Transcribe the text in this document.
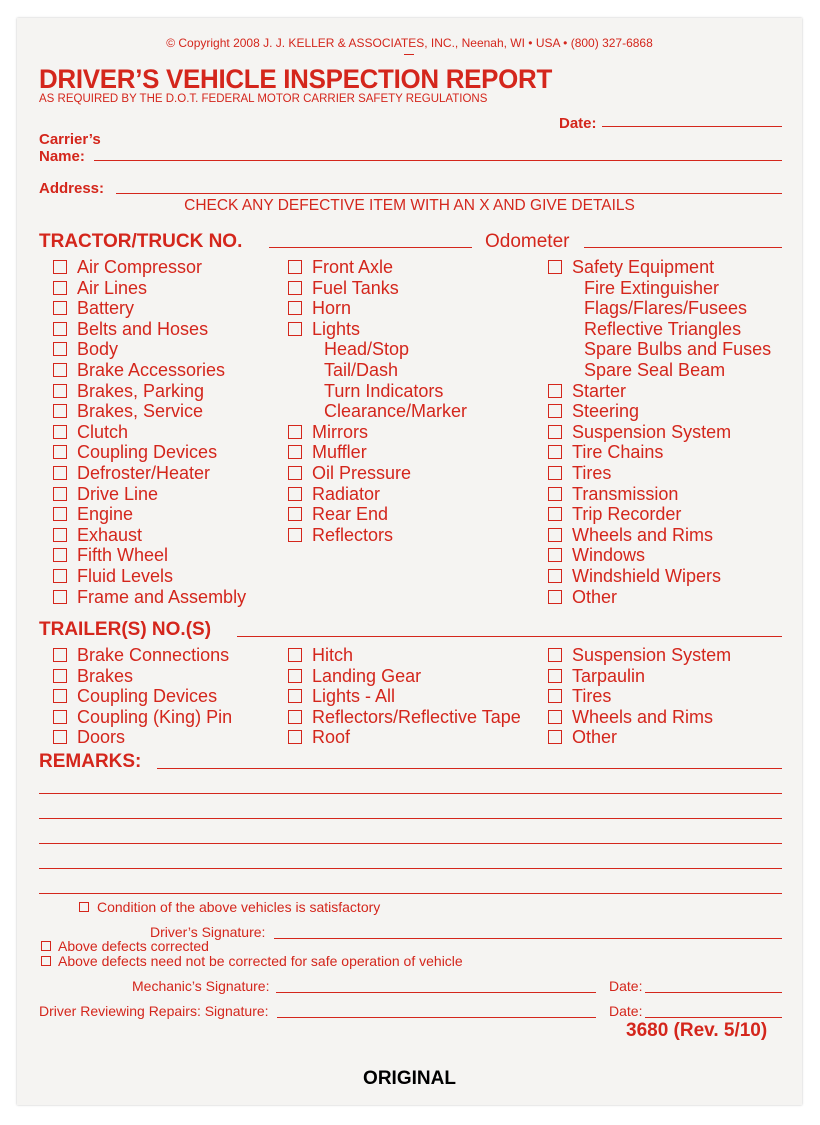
© Copyright 2008 J. J. KELLER & ASSOCIATES, INC., Neenah, WI • USA • (800) 327-6868
DRIVER’S VEHICLE INSPECTION REPORT
AS REQUIRED BY THE D.O.T. FEDERAL MOTOR CARRIER SAFETY REGULATIONS
Date:
Carrier’s
Name:
Address:
CHECK ANY DEFECTIVE ITEM WITH AN X AND GIVE DETAILS
TRACTOR/TRUCK NO.	Odometer
Air Compressor
Air Lines
Battery
Belts and Hoses
Body
Brake Accessories
Brakes, Parking
Brakes, Service
Clutch
Coupling Devices
Defroster/Heater
Drive Line
Engine
Exhaust
Fifth Wheel
Fluid Levels
Frame and Assembly
Front Axle
Fuel Tanks
Horn
Lights
Head/Stop
Tail/Dash
Turn Indicators
Clearance/Marker
Mirrors
Muffler
Oil Pressure
Radiator
Rear End
Reflectors
Safety Equipment
Fire Extinguisher
Flags/Flares/Fusees
Reflective Triangles
Spare Bulbs and Fuses
Spare Seal Beam
Starter
Steering
Suspension System
Tire Chains
Tires
Transmission
Trip Recorder
Wheels and Rims
Windows
Windshield Wipers
Other
TRAILER(S) NO.(S)
Brake Connections
Brakes
Coupling Devices
Coupling (King) Pin
Doors
Hitch
Landing Gear
Lights - All
Reflectors/Reflective Tape
Roof
Suspension System
Tarpaulin
Tires
Wheels and Rims
Other
REMARKS:
Condition of the above vehicles is satisfactory
Driver’s Signature:
Above defects corrected
Above defects need not be corrected for safe operation of vehicle
Mechanic’s Signature:	Date:
Driver Reviewing Repairs: Signature:	Date:
3680 (Rev. 5/10)
ORIGINAL
